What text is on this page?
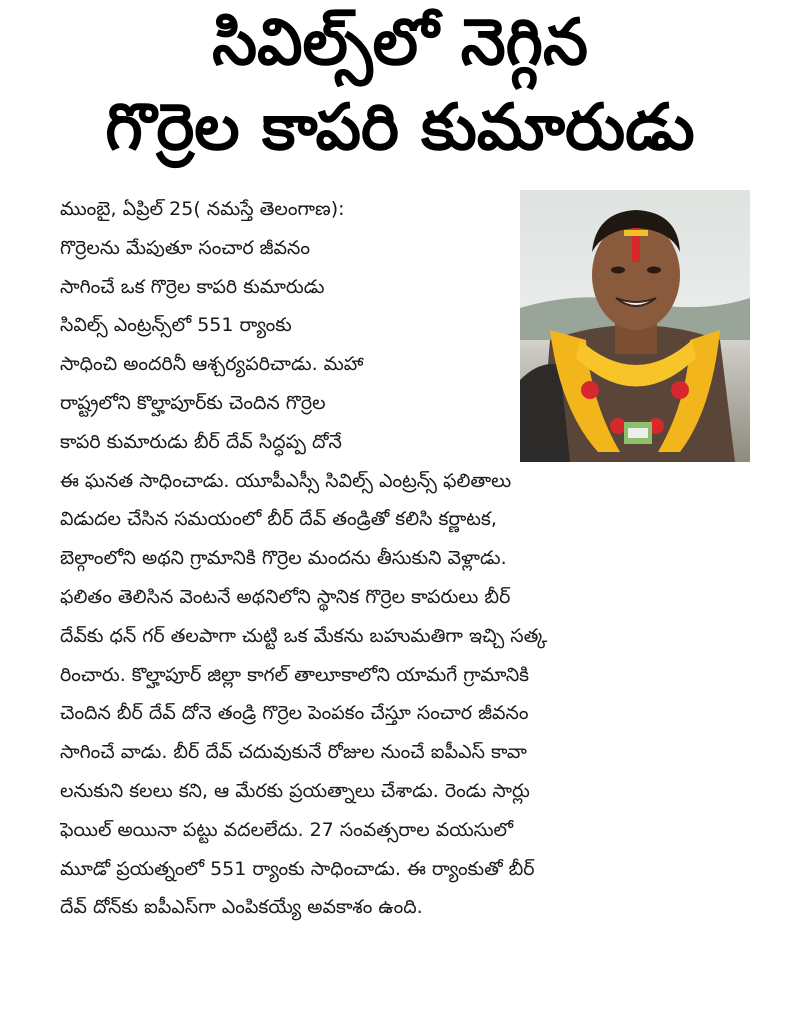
సివిల్స్‌లో నెగ్గిన
గొర్రెల కాపరి కుమారుడు
ముంబై, ఏప్రిల్ 25( నమస్తే తెలంగాణ):
గొర్రెలను మేపుతూ సంచార జీవనం
సాగించే ఒక గొర్రెల కాపరి కుమారుడు
సివిల్స్ ఎంట్రన్స్‌లో 551 ర్యాంకు
సాధించి అందరినీ ఆశ్చర్యపరిచాడు. మహా
రాష్ట్రలోని కొల్హాపూర్‌కు చెందిన గొర్రెల
కాపరి కుమారుడు బీర్ దేవ్ సిద్ధప్ప దోనే
ఈ ఘనత సాధించాడు. యూపీఎస్సీ సివిల్స్ ఎంట్రన్స్ ఫలితాలు
విడుదల చేసిన సమయంలో బీర్ దేవ్ తండ్రితో కలిసి కర్ణాటక,
బెల్గాంలోని అథని గ్రామానికి గొర్రెల మందను తీసుకుని వెళ్లాడు.
ఫలితం తెలిసిన వెంటనే అథనిలోని స్థానిక గొర్రెల కాపరులు బీర్
దేవ్‌కు ధన్ గర్ తలపాగా చుట్టి ఒక మేకను బహుమతిగా ఇచ్చి సత్క
రించారు. కొల్హాపూర్ జిల్లా కాగల్ తాలూకాలోని యామగే గ్రామానికి
చెందిన బీర్ దేవ్ దోనె తండ్రి గొర్రెల పెంపకం చేస్తూ సంచార జీవనం
సాగించే వాడు. బీర్ దేవ్ చదువుకునే రోజుల నుంచే ఐపీఎస్ కావా
లనుకుని కలలు కని, ఆ మేరకు ప్రయత్నాలు చేశాడు. రెండు సార్లు
ఫెయిల్ అయినా పట్టు వదలలేదు. 27 సంవత్సరాల వయసులో
మూడో ప్రయత్నంలో 551 ర్యాంకు సాధించాడు. ఈ ర్యాంకుతో బీర్
దేవ్ దోన్‌కు ఐపీఎస్‌గా ఎంపికయ్యే అవకాశం ఉంది.
